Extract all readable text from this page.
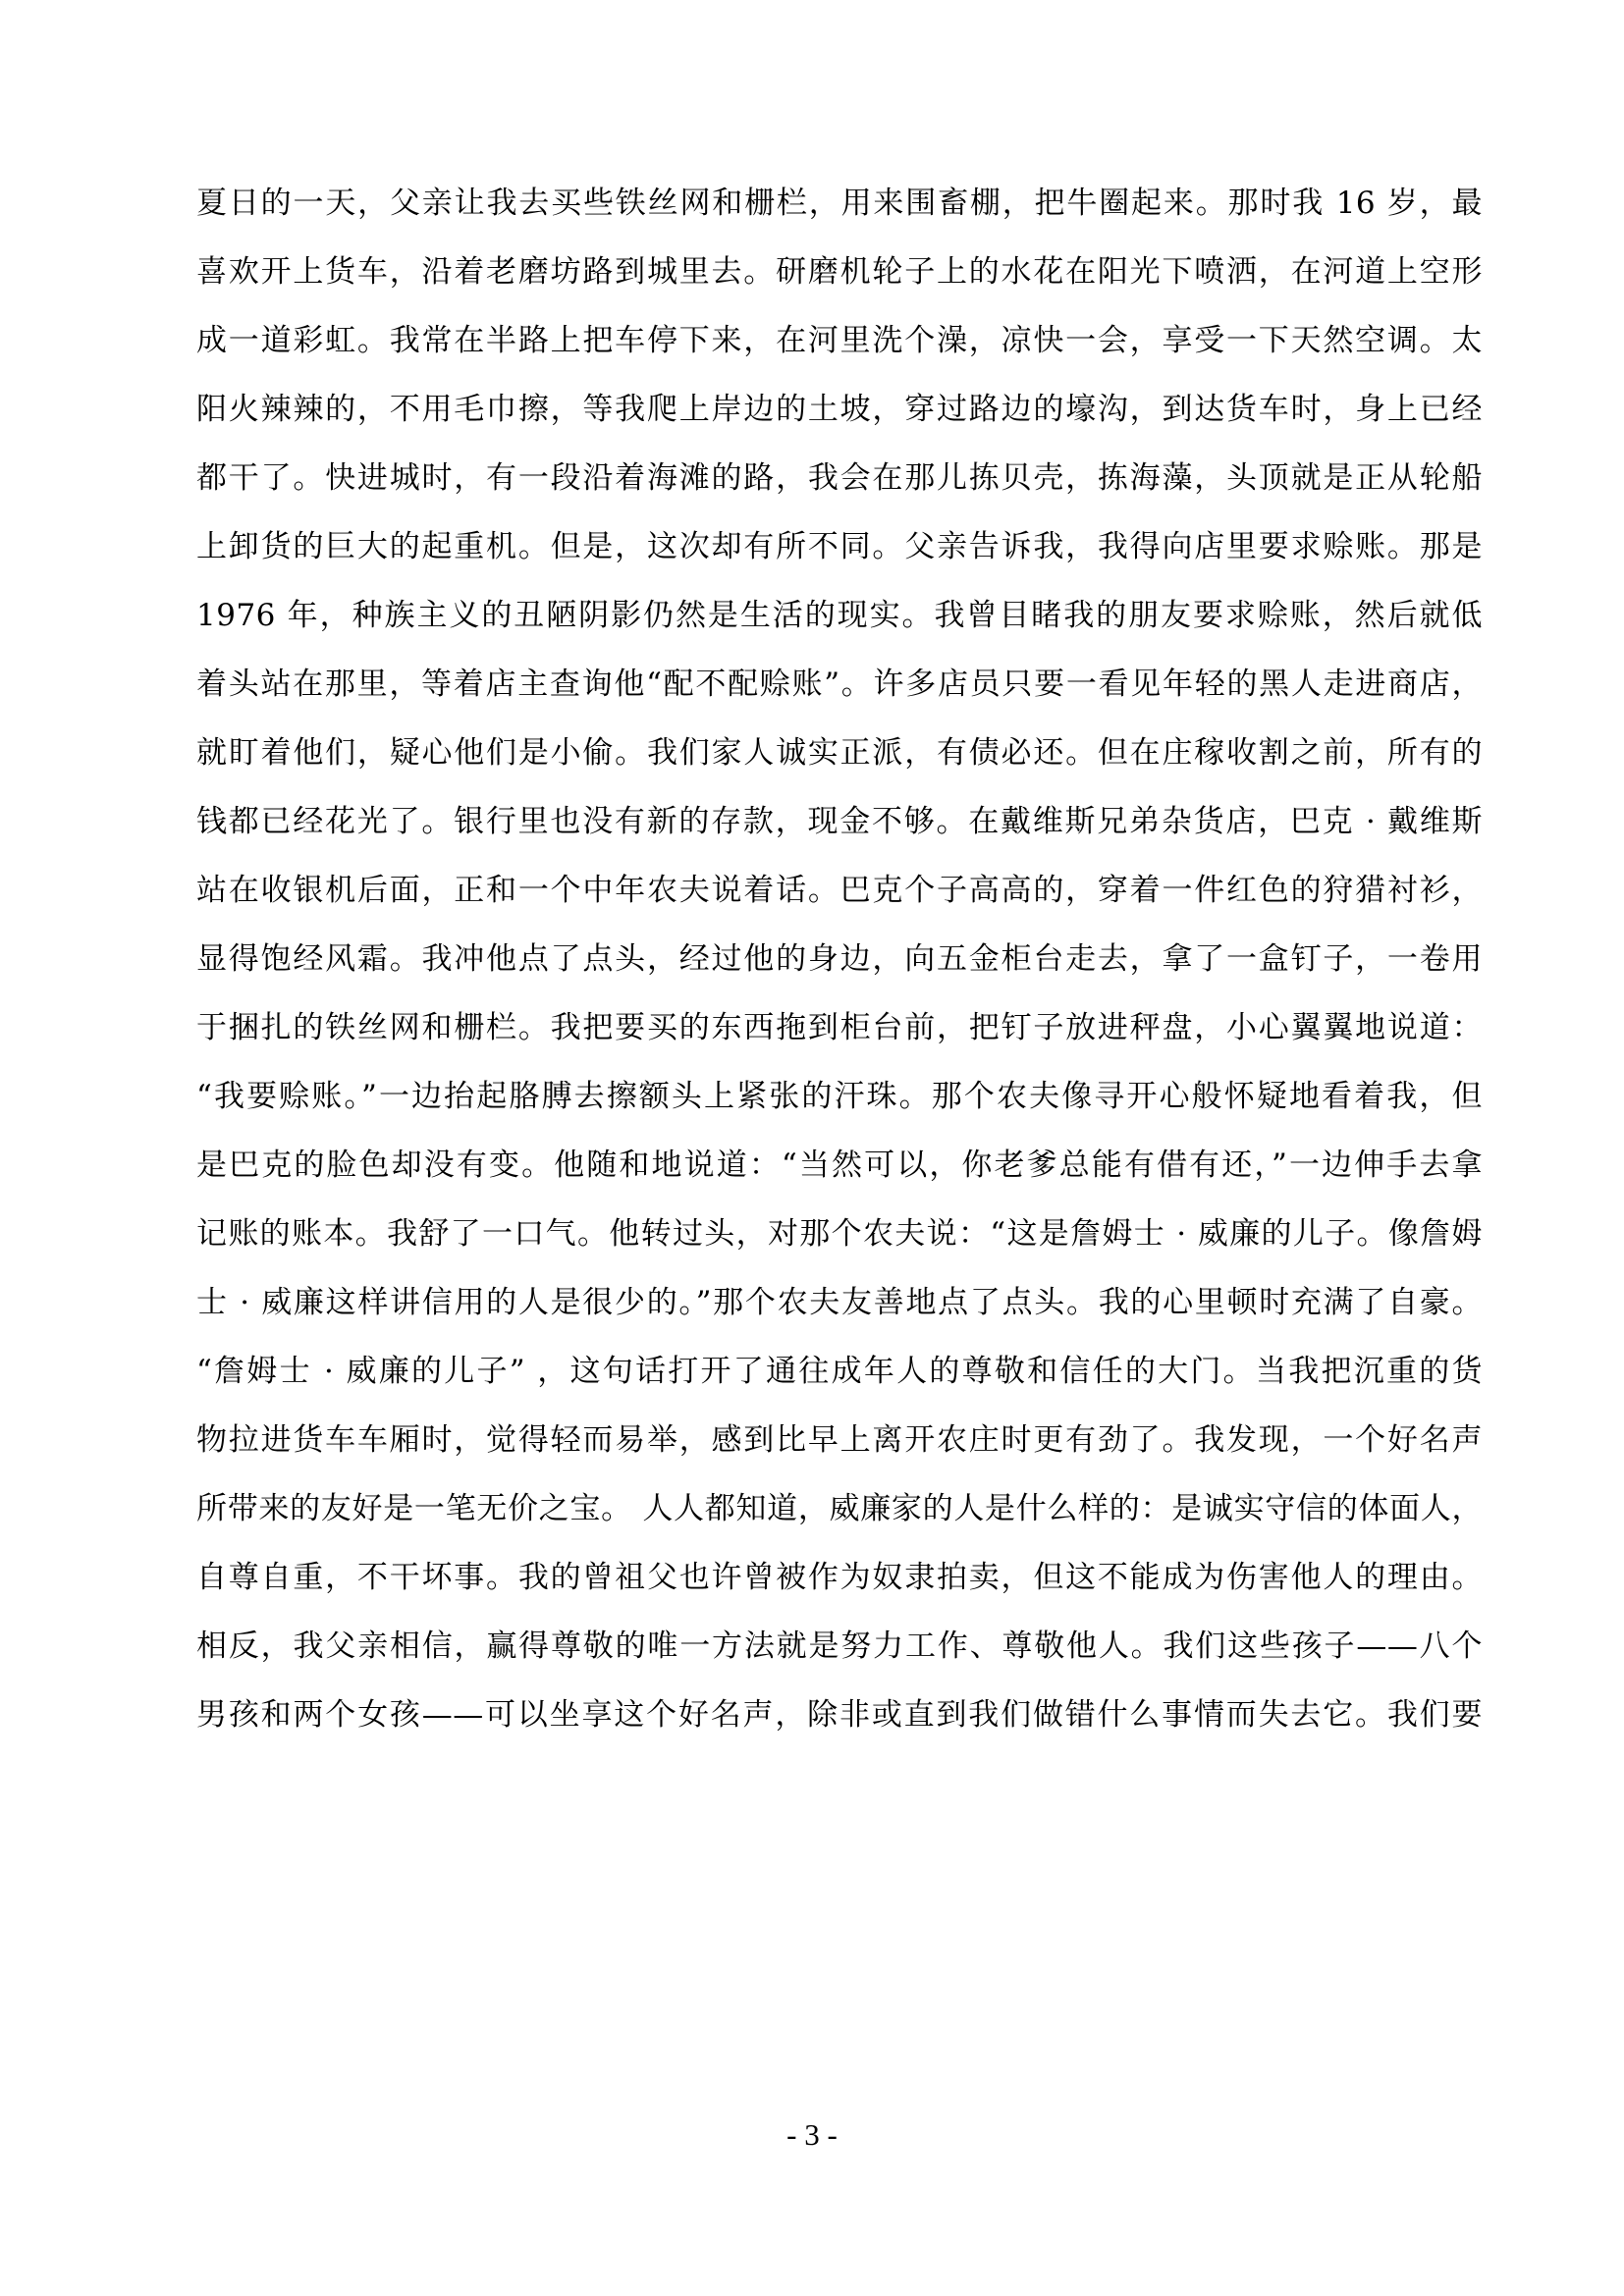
夏日的一天，父亲让我去买些铁丝网和栅栏，用来围畜棚，把牛圈起来。那时我 16 岁，最
喜欢开上货车，沿着老磨坊路到城里去。研磨机轮子上的水花在阳光下喷洒，在河道上空形
成一道彩虹。我常在半路上把车停下来，在河里洗个澡，凉快一会，享受一下天然空调。太
阳火辣辣的，不用毛巾擦，等我爬上岸边的土坡，穿过路边的壕沟，到达货车时，身上已经
都干了。快进城时，有一段沿着海滩的路，我会在那儿拣贝壳，拣海藻，头顶就是正从轮船
上卸货的巨大的起重机。但是，这次却有所不同。父亲告诉我，我得向店里要求赊账。那是
1976 年，种族主义的丑陋阴影仍然是生活的现实。我曾目睹我的朋友要求赊账，然后就低
着头站在那里，等着店主查询他“配不配赊账”。许多店员只要一看见年轻的黑人走进商店，
就盯着他们，疑心他们是小偷。我们家人诚实正派，有债必还。但在庄稼收割之前，所有的
钱都已经花光了。银行里也没有新的存款，现金不够。在戴维斯兄弟杂货店，巴克 · 戴维斯
站在收银机后面，正和一个中年农夫说着话。巴克个子高高的，穿着一件红色的狩猎衬衫，
显得饱经风霜。我冲他点了点头，经过他的身边，向五金柜台走去，拿了一盒钉子，一卷用
于捆扎的铁丝网和栅栏。我把要买的东西拖到柜台前，把钉子放进秤盘，小心翼翼地说道：
“我要赊账。”一边抬起胳膊去擦额头上紧张的汗珠。那个农夫像寻开心般怀疑地看着我，但
是巴克的脸色却没有变。他随和地说道：“当然可以，你老爹总能有借有还，”一边伸手去拿
记账的账本。我舒了一口气。他转过头，对那个农夫说：“这是詹姆士 · 威廉的儿子。像詹姆
士 · 威廉这样讲信用的人是很少的。”那个农夫友善地点了点头。我的心里顿时充满了自豪。
“詹姆士 · 威廉的儿子” ，这句话打开了通往成年人的尊敬和信任的大门。当我把沉重的货
物拉进货车车厢时，觉得轻而易举，感到比早上离开农庄时更有劲了。我发现，一个好名声
所带来的友好是一笔无价之宝。 人人都知道，威廉家的人是什么样的：是诚实守信的体面人，
自尊自重，不干坏事。我的曾祖父也许曾被作为奴隶拍卖，但这不能成为伤害他人的理由。
相反，我父亲相信，赢得尊敬的唯一方法就是努力工作、尊敬他人。我们这些孩子——八个
男孩和两个女孩——可以坐享这个好名声，除非或直到我们做错什么事情而失去它。我们要
- 3 -
